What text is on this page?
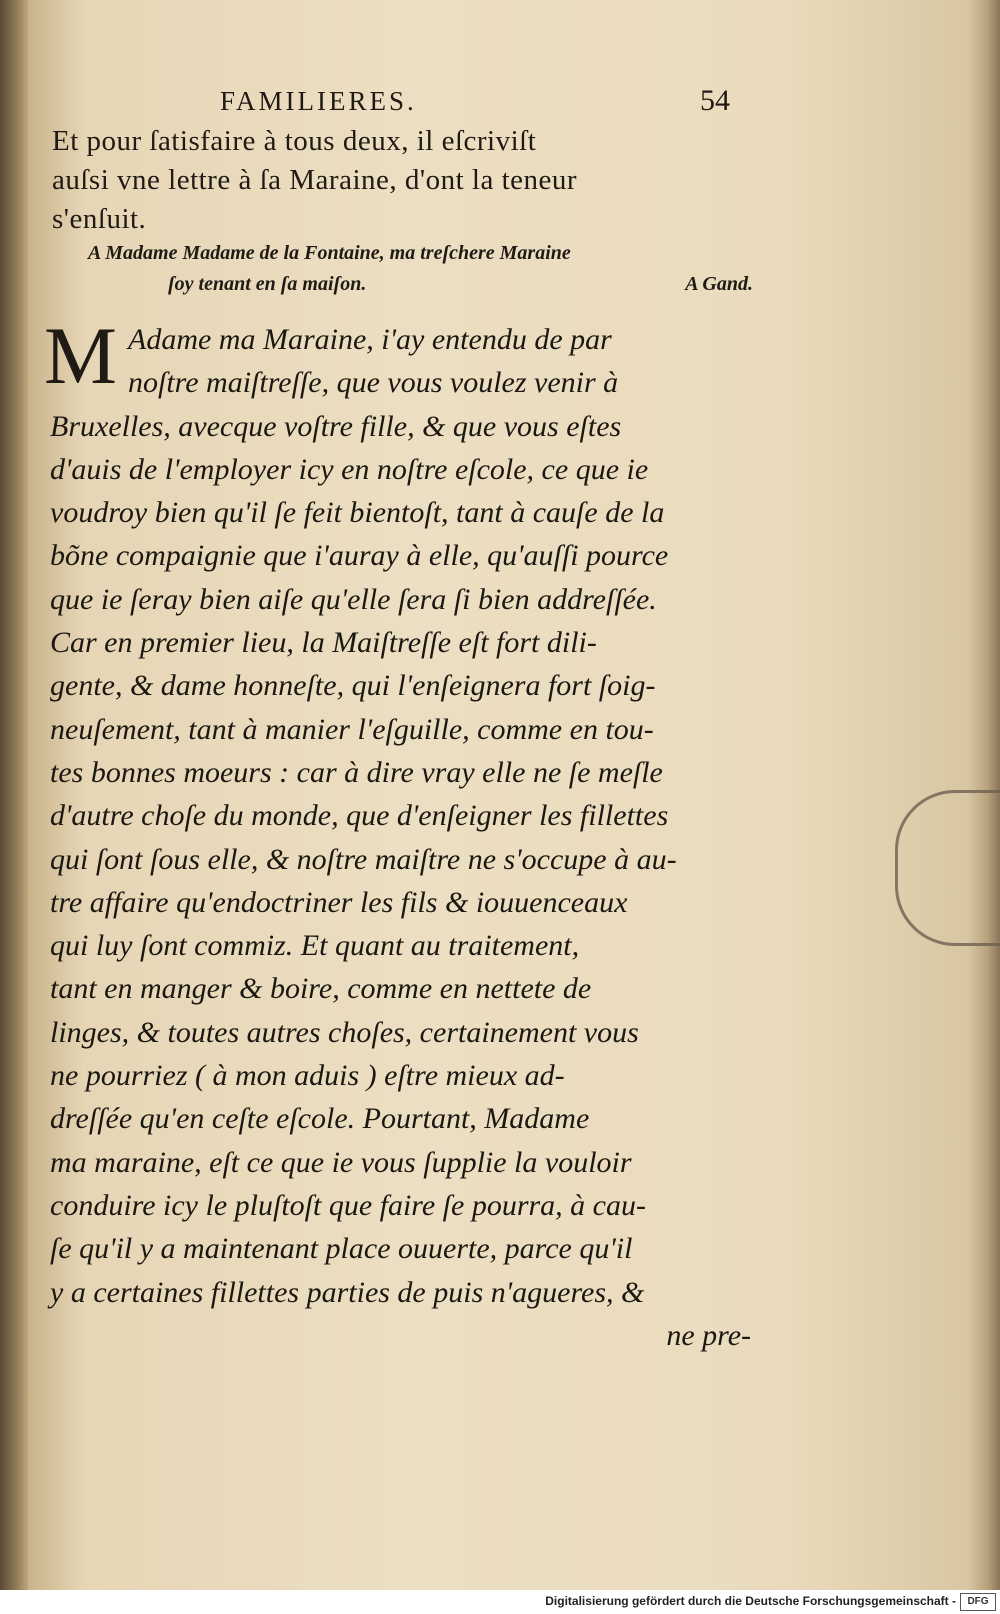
FAMILIERES.	54
Et pour ſatisfaire à tous deux, il eſcriviſt
auſsi vne lettre à ſa Maraine, d'ont la teneur
s'enſuit.
A Madame Madame de la Fontaine, ma treſchere Maraine
ſoy tenant en ſa maiſon.	A Gand.
M Adame ma Maraine, i'ay entendu de par
noſtre maiſtreſſe, que vous voulez venir à
Bruxelles, avecque voſtre fille, & que vous eſtes
d'auis de l'employer icy en noſtre eſcole, ce que ie
voudroy bien qu'il ſe feit bientoſt, tant à cauſe de la
bõne compaignie que i'auray à elle, qu'auſſi pource
que ie ſeray bien aiſe qu'elle ſera ſi bien addreſſée.
Car en premier lieu, la Maiſtreſſe eſt fort dili-
gente, & dame honneſte, qui l'enſeignera fort ſoig-
neuſement, tant à manier l'eſguille, comme en tou-
tes bonnes moeurs : car à dire vray elle ne ſe meſle
d'autre choſe du monde, que d'enſeigner les fillettes
qui ſont ſous elle, & noſtre maiſtre ne s'occupe à au-
tre affaire qu'endoctriner les fils & iouuenceaux
qui luy ſont commiz. Et quant au traitement,
tant en manger & boire, comme en nettete de
linges, & toutes autres choſes, certainement vous
ne pourriez ( à mon aduis ) eſtre mieux ad-
dreſſée qu'en ceſte eſcole. Pourtant, Madame
ma maraine, eſt ce que ie vous ſupplie la vouloir
conduire icy le pluſtoſt que faire ſe pourra, à cau-
ſe qu'il y a maintenant place ouuerte, parce qu'il
y a certaines fillettes parties de puis n'agueres, &
ne pre-
Digitalisierung gefördert durch die Deutsche Forschungsgemeinschaft -	DFG
